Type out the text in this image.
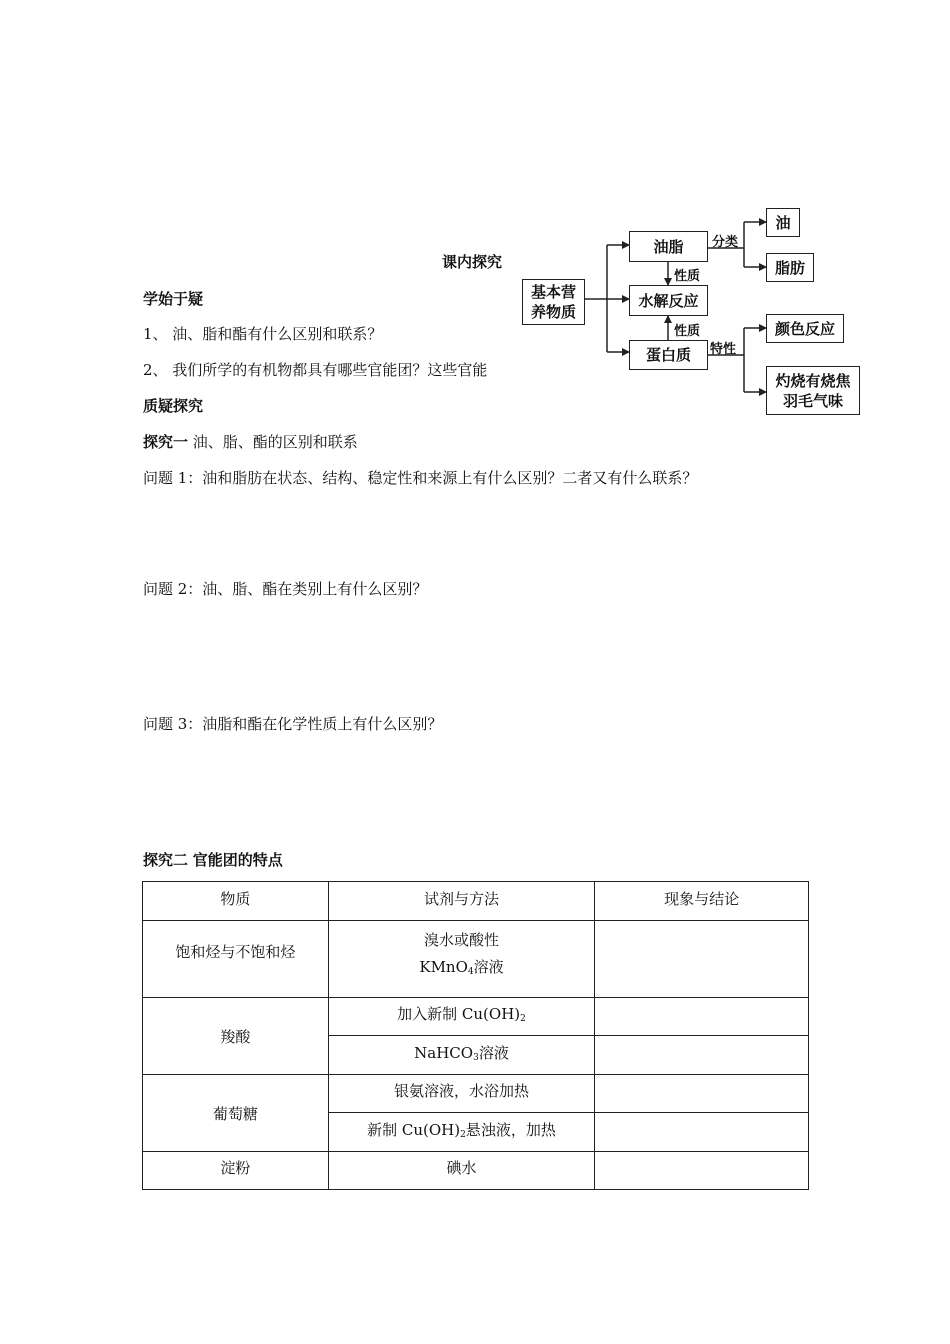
课内探究
学始于疑
1、 油、脂和酯有什么区别和联系？
2、 我们所学的有机物都具有哪些官能团？这些官能
质疑探究
探究一 油、脂、酯的区别和联系
问题 1：油和脂肪在状态、结构、稳定性和来源上有什么区别？二者又有什么联系？
问题 2：油、脂、酯在类别上有什么区别？
问题 3：油脂和酯在化学性质上有什么区别？
探究二 官能团的特点
基本营
养物质
油脂
水解反应
蛋白质
油
脂肪
颜色反应
灼烧有烧焦
羽毛气味
分类
性质
性质
特性
物质	试剂与方法	现象与结论

饱和烃与不饱和烃	溴水或酸性
KMnO$_4$溶液	

羧酸	加入新制 $Cu(OH)_2$

	NaHCO$_3$溶液	

葡萄糖	银氨溶液，水浴加热	

	新制 $Cu(OH)_2$悬浊液，加热	

淀粉	碘水	
